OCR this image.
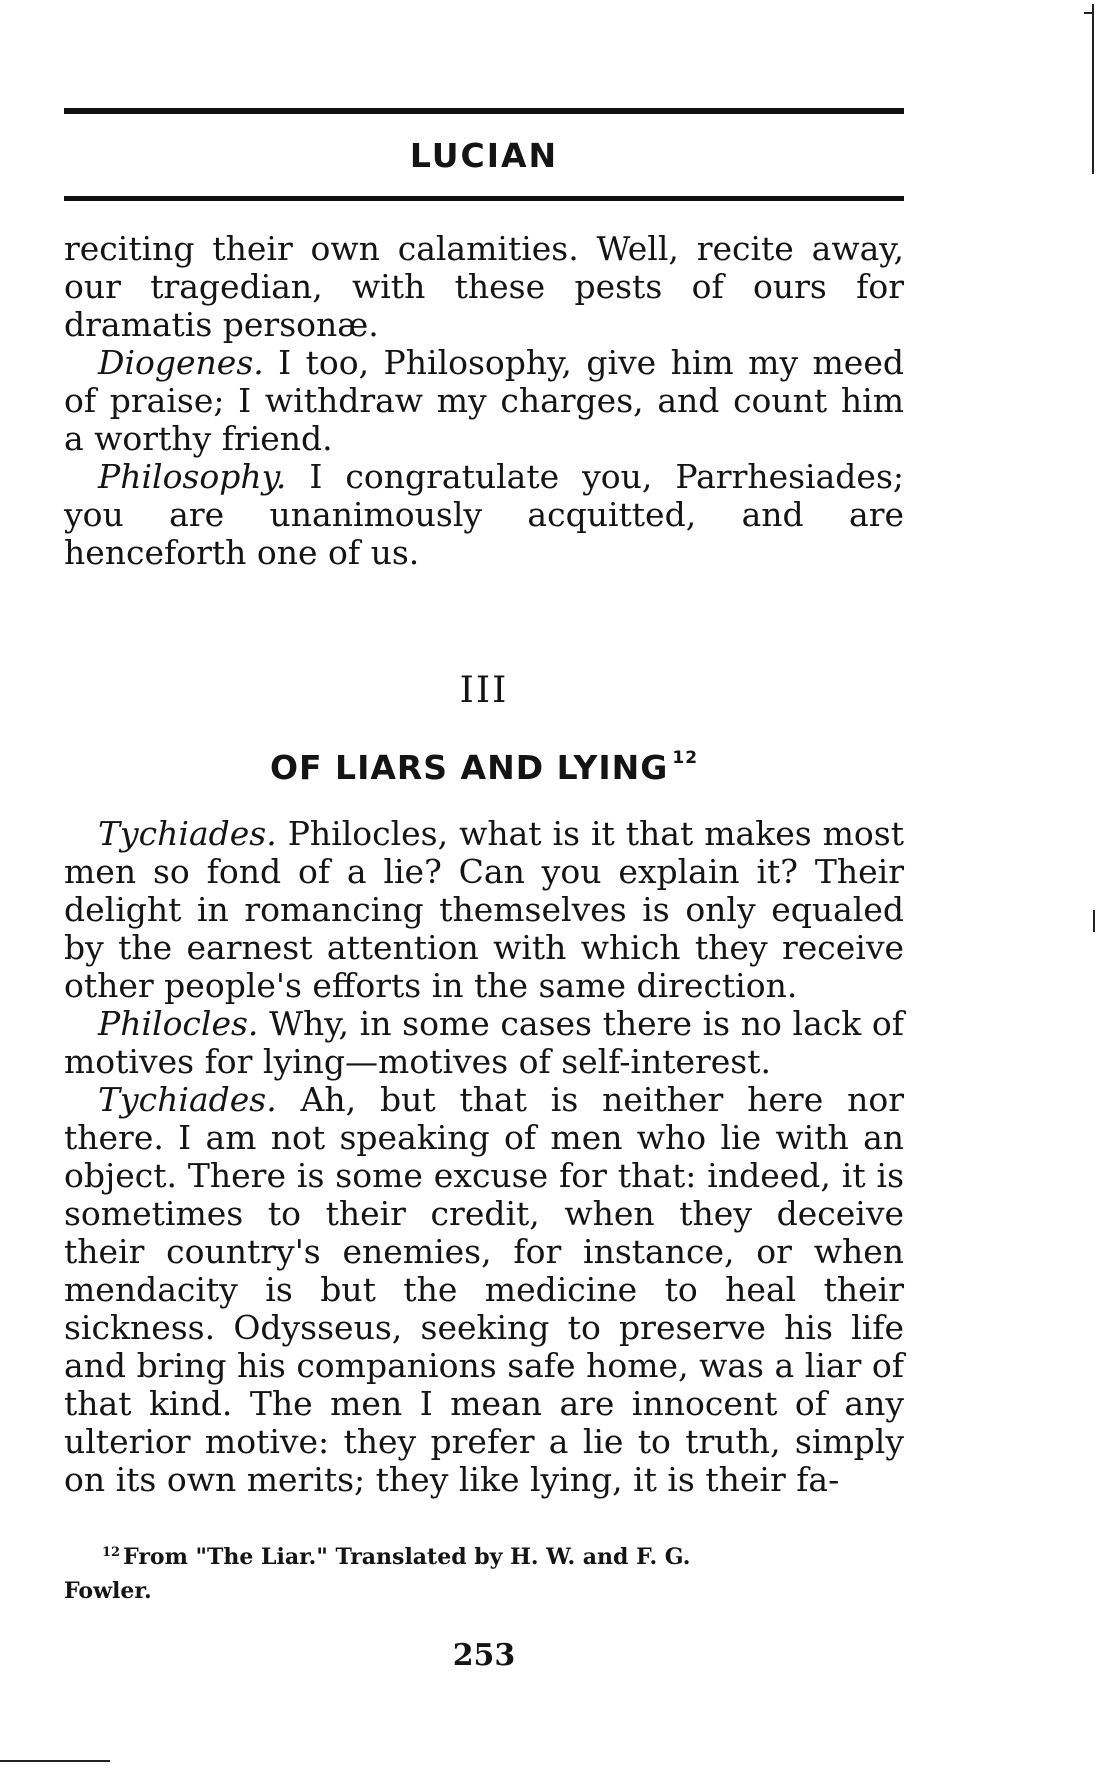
LUCIAN

reciting their own calamities. Well, recite away, our tragedian, with these pests of ours for dramatis personæ.

Diogenes. I too, Philosophy, give him my meed of praise; I withdraw my charges, and count him a worthy friend.

Philosophy. I congratulate you, Parrhesiades; you are unanimously acquitted, and are henceforth one of us.

III
OF LIARS AND LYING $^{12}$

Tychiades. Philocles, what is it that makes most men so fond of a lie? Can you explain it? Their delight in romancing themselves is only equaled by the earnest attention with which they receive other people's efforts in the same direction.

Philocles. Why, in some cases there is no lack of motives for lying—motives of self-interest.

Tychiades. Ah, but that is neither here nor there. I am not speaking of men who lie with an object. There is some excuse for that: indeed, it is sometimes to their credit, when they deceive their country's enemies, for instance, or when mendacity is but the medicine to heal their sickness. Odysseus, seeking to preserve his life and bring his companions safe home, was a liar of that kind. The men I mean are innocent of any ulterior motive: they prefer a lie to truth, simply on its own merits; they like lying, it is their fa-

$^{12}$ From "The Liar." Translated by H. W. and F. G.
Fowler.
253
